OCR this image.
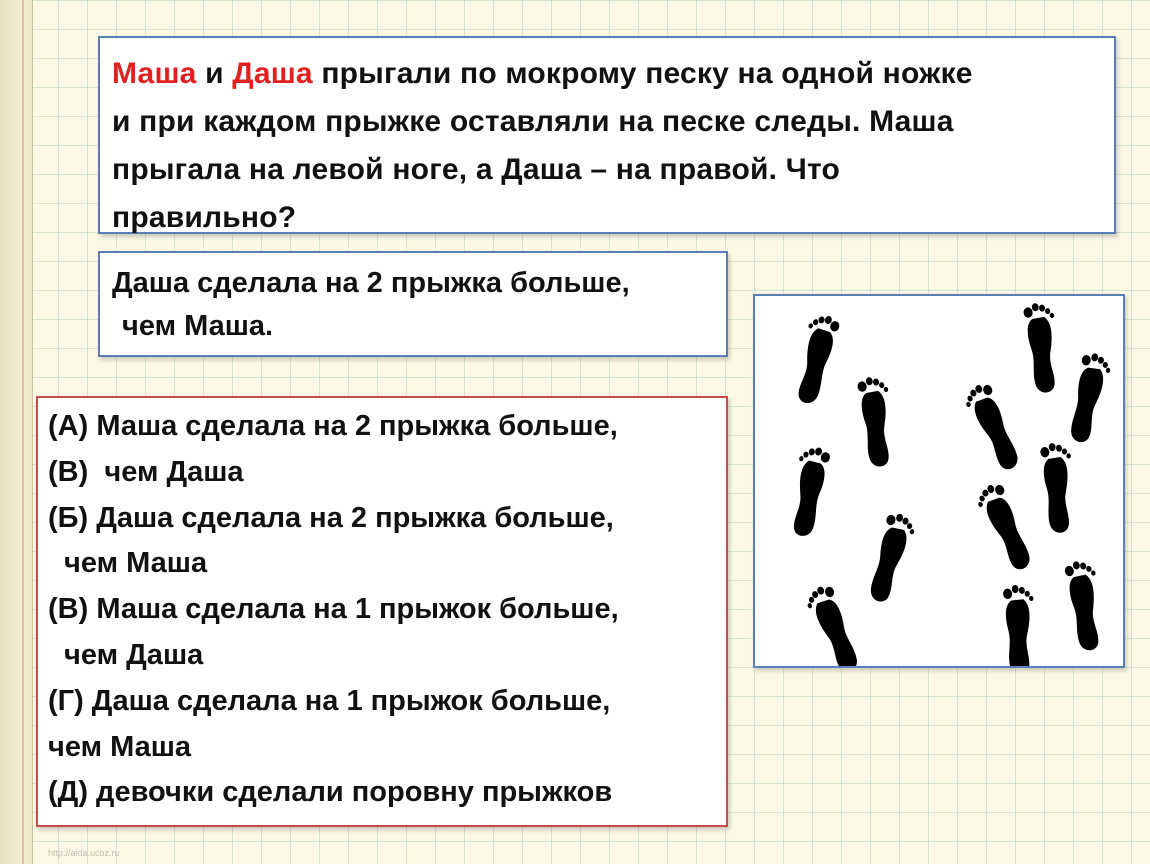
Маша и Даша прыгали по мокрому песку на одной ножке
и при каждом прыжке оставляли на песке следы. Маша
прыгала на левой ноге, а Даша – на правой. Что
правильно?
Даша сделала на 2 прыжка больше,
чем Маша.
(А) Маша сделала на 2 прыжка больше,
(В)  чем Даша
(Б) Даша сделала на 2 прыжка больше,
чем Маша
(В) Маша сделала на 1 прыжок больше,
чем Даша
(Г) Даша сделала на 1 прыжок больше,
чем Маша
(Д) девочки сделали поровну прыжков
http://aida.ucoz.ru
